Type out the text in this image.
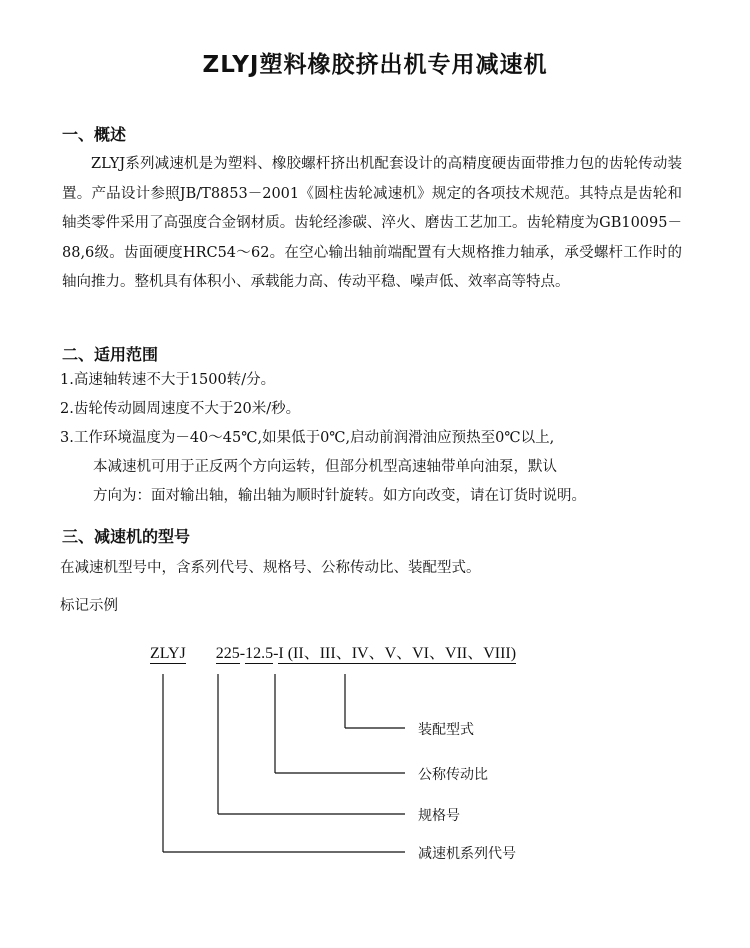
ZLYJ塑料橡胶挤出机专用减速机
一、概述

ZLYJ系列减速机是为塑料、橡胶螺杆挤出机配套设计的高精度硬齿面带推力包的齿轮传动装置。产品设计参照JB/T8853－2001《圆柱齿轮减速机》规定的各项技术规范。其特点是齿轮和轴类零件采用了高强度合金钢材质。齿轮经渗碳、淬火、磨齿工艺加工。齿轮精度为GB10095－88,6级。齿面硬度HRC54～62。在空心输出轴前端配置有大规格推力轴承，承受螺杆工作时的轴向推力。整机具有体积小、承载能力高、传动平稳、噪声低、效率高等特点。

二、适用范围
1.高速轴转速不大于1500转/分。
2.齿轮传动圆周速度不大于20米/秒。
3.工作环境温度为－40～45℃,如果低于0℃,启动前润滑油应预热至0℃以上,
本减速机可用于正反两个方向运转，但部分机型高速轴带单向油泵，默认
方向为：面对输出轴，输出轴为顺时针旋转。如方向改变，请在订货时说明。
三、减速机的型号
在减速机型号中，含系列代号、规格号、公称传动比、装配型式。
标记示例
ZLYJ 225-12.5-I (II、III、IV、V、VI、VII、VIII)
装配型式
公称传动比
规格号
减速机系列代号
